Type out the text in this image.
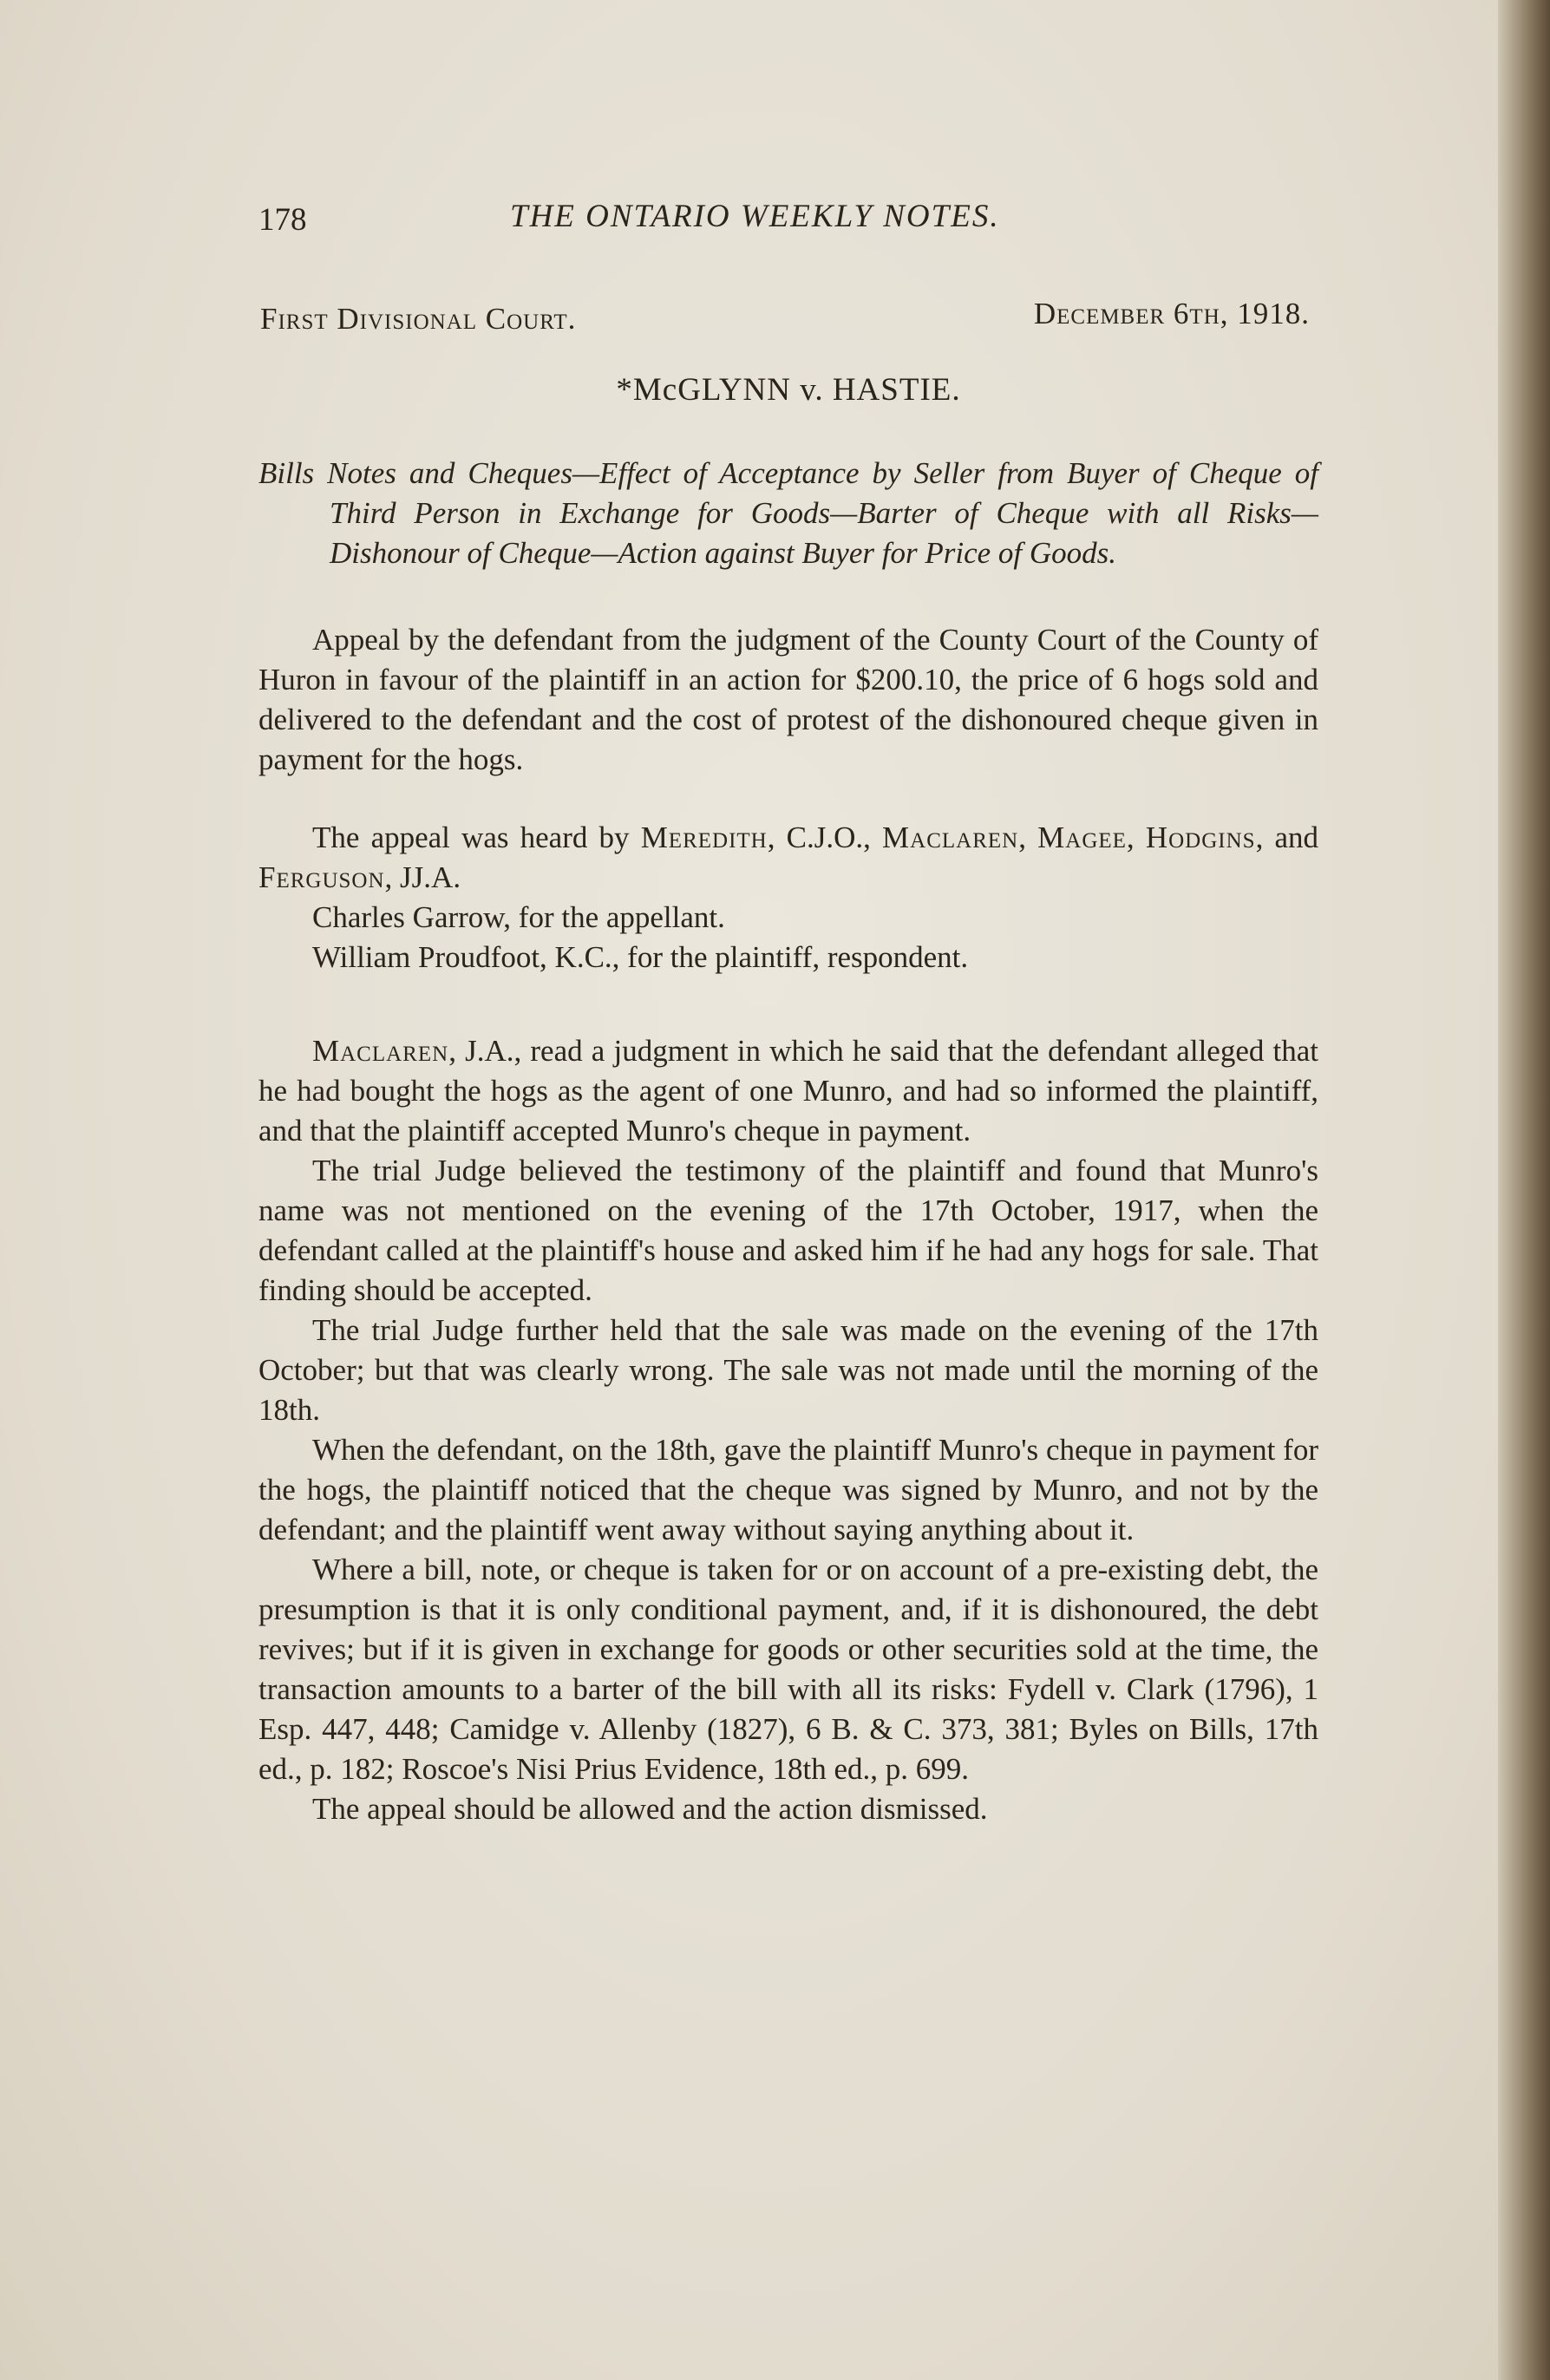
178	THE ONTARIO WEEKLY NOTES.
First Divisional Court.	December 6th, 1918.
*McGLYNN v. HASTIE.
Bills Notes and Cheques—Effect of Acceptance by Seller from Buyer of Cheque of Third Person in Exchange for Goods—Barter of Cheque with all Risks—Dishonour of Cheque—Action against Buyer for Price of Goods.

Appeal by the defendant from the judgment of the County Court of the County of Huron in favour of the plaintiff in an action for $200.10, the price of 6 hogs sold and delivered to the defendant and the cost of protest of the dishonoured cheque given in payment for the hogs.

The appeal was heard by Meredith, C.J.O., Maclaren, Magee, Hodgins, and Ferguson, JJ.A.

Charles Garrow, for the appellant.

William Proudfoot, K.C., for the plaintiff, respondent.

Maclaren, J.A., read a judgment in which he said that the defendant alleged that he had bought the hogs as the agent of one Munro, and had so informed the plaintiff, and that the plaintiff accepted Munro's cheque in payment.

The trial Judge believed the testimony of the plaintiff and found that Munro's name was not mentioned on the evening of the 17th October, 1917, when the defendant called at the plaintiff's house and asked him if he had any hogs for sale. That finding should be accepted.

The trial Judge further held that the sale was made on the evening of the 17th October; but that was clearly wrong. The sale was not made until the morning of the 18th.

When the defendant, on the 18th, gave the plaintiff Munro's cheque in payment for the hogs, the plaintiff noticed that the cheque was signed by Munro, and not by the defendant; and the plaintiff went away without saying anything about it.

Where a bill, note, or cheque is taken for or on account of a pre-existing debt, the presumption is that it is only conditional payment, and, if it is dishonoured, the debt revives; but if it is given in exchange for goods or other securities sold at the time, the transaction amounts to a barter of the bill with all its risks: Fydell v. Clark (1796), 1 Esp. 447, 448; Camidge v. Allenby (1827), 6 B. & C. 373, 381; Byles on Bills, 17th ed., p. 182; Roscoe's Nisi Prius Evidence, 18th ed., p. 699.

The appeal should be allowed and the action dismissed.
